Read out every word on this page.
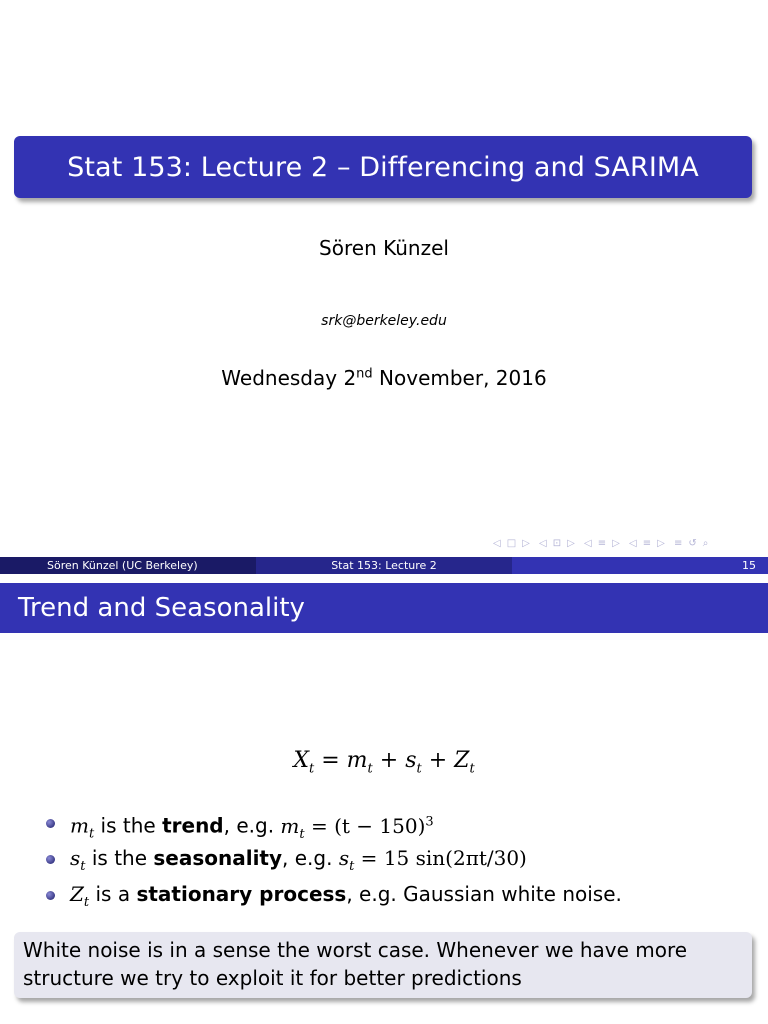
Stat 153: Lecture 2 – Differencing and SARIMA
Sören Künzel
srk@berkeley.edu
Wednesday 2nd November, 2016
◁ □ ▷ ◁ ⊡ ▷ ◁ ≡ ▷ ◁ ≡ ▷ ≡ ↺ ⌕
Sören Künzel (UC Berkeley)	Stat 153: Lecture 2	15
Trend and Seasonality
$X_t = m_t + s_t + Z_t$
$m_t$ is the trend, e.g. $m_t = (t - 150)^3$
$s_t$ is the seasonality, e.g. $s_t = 15$ sin(2πt/30)
$Z_t$ is a stationary process, e.g. Gaussian white noise.
White noise is in a sense the worst case. Whenever we have more structure we try to exploit it for better predictions
